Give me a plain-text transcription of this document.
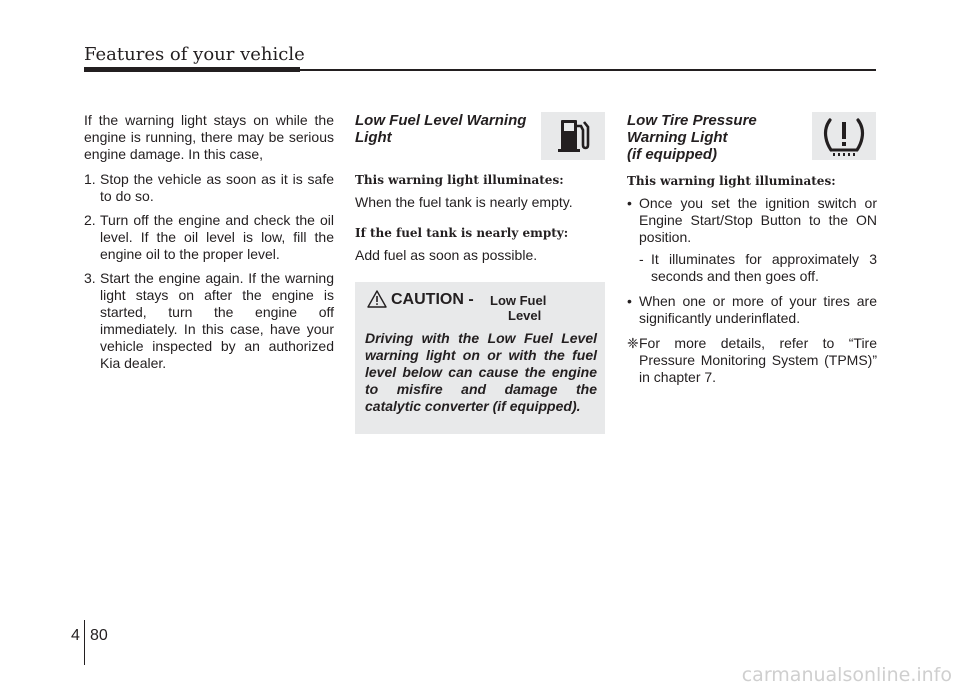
Features of your vehicle

If the warning light stays on while the engine is running, there may be serious engine damage. In this case,

1. Stop the vehicle as soon as it is safe to do so.
2. Turn off the engine and check the oil level. If the oil level is low, fill the engine oil to the proper level.
3. Start the engine again. If the warning light stays on after the engine is started, turn the engine off immediately. In this case, have your vehicle inspected by an authorized Kia dealer.
Low Fuel Level Warning Light
This warning light illuminates:

When the fuel tank is nearly empty.

If the fuel tank is nearly empty:

Add fuel as soon as possible.

CAUTION - Low Fuel
Level
Driving with the Low Fuel Level warning light on or with the fuel level below can cause the engine to misfire and damage the catalytic converter (if equipped).
Low Tire Pressure
Warning Light
(if equipped)
This warning light illuminates:
• Once you set the ignition switch or Engine Start/Stop Button to the ON position.
- It illuminates for approximately 3 seconds and then goes off.
• When one or more of your tires are significantly underinflated.
❈ For more details, refer to “Tire Pressure Monitoring System (TPMS)” in chapter 7.
4 80
carmanualsonline.info
